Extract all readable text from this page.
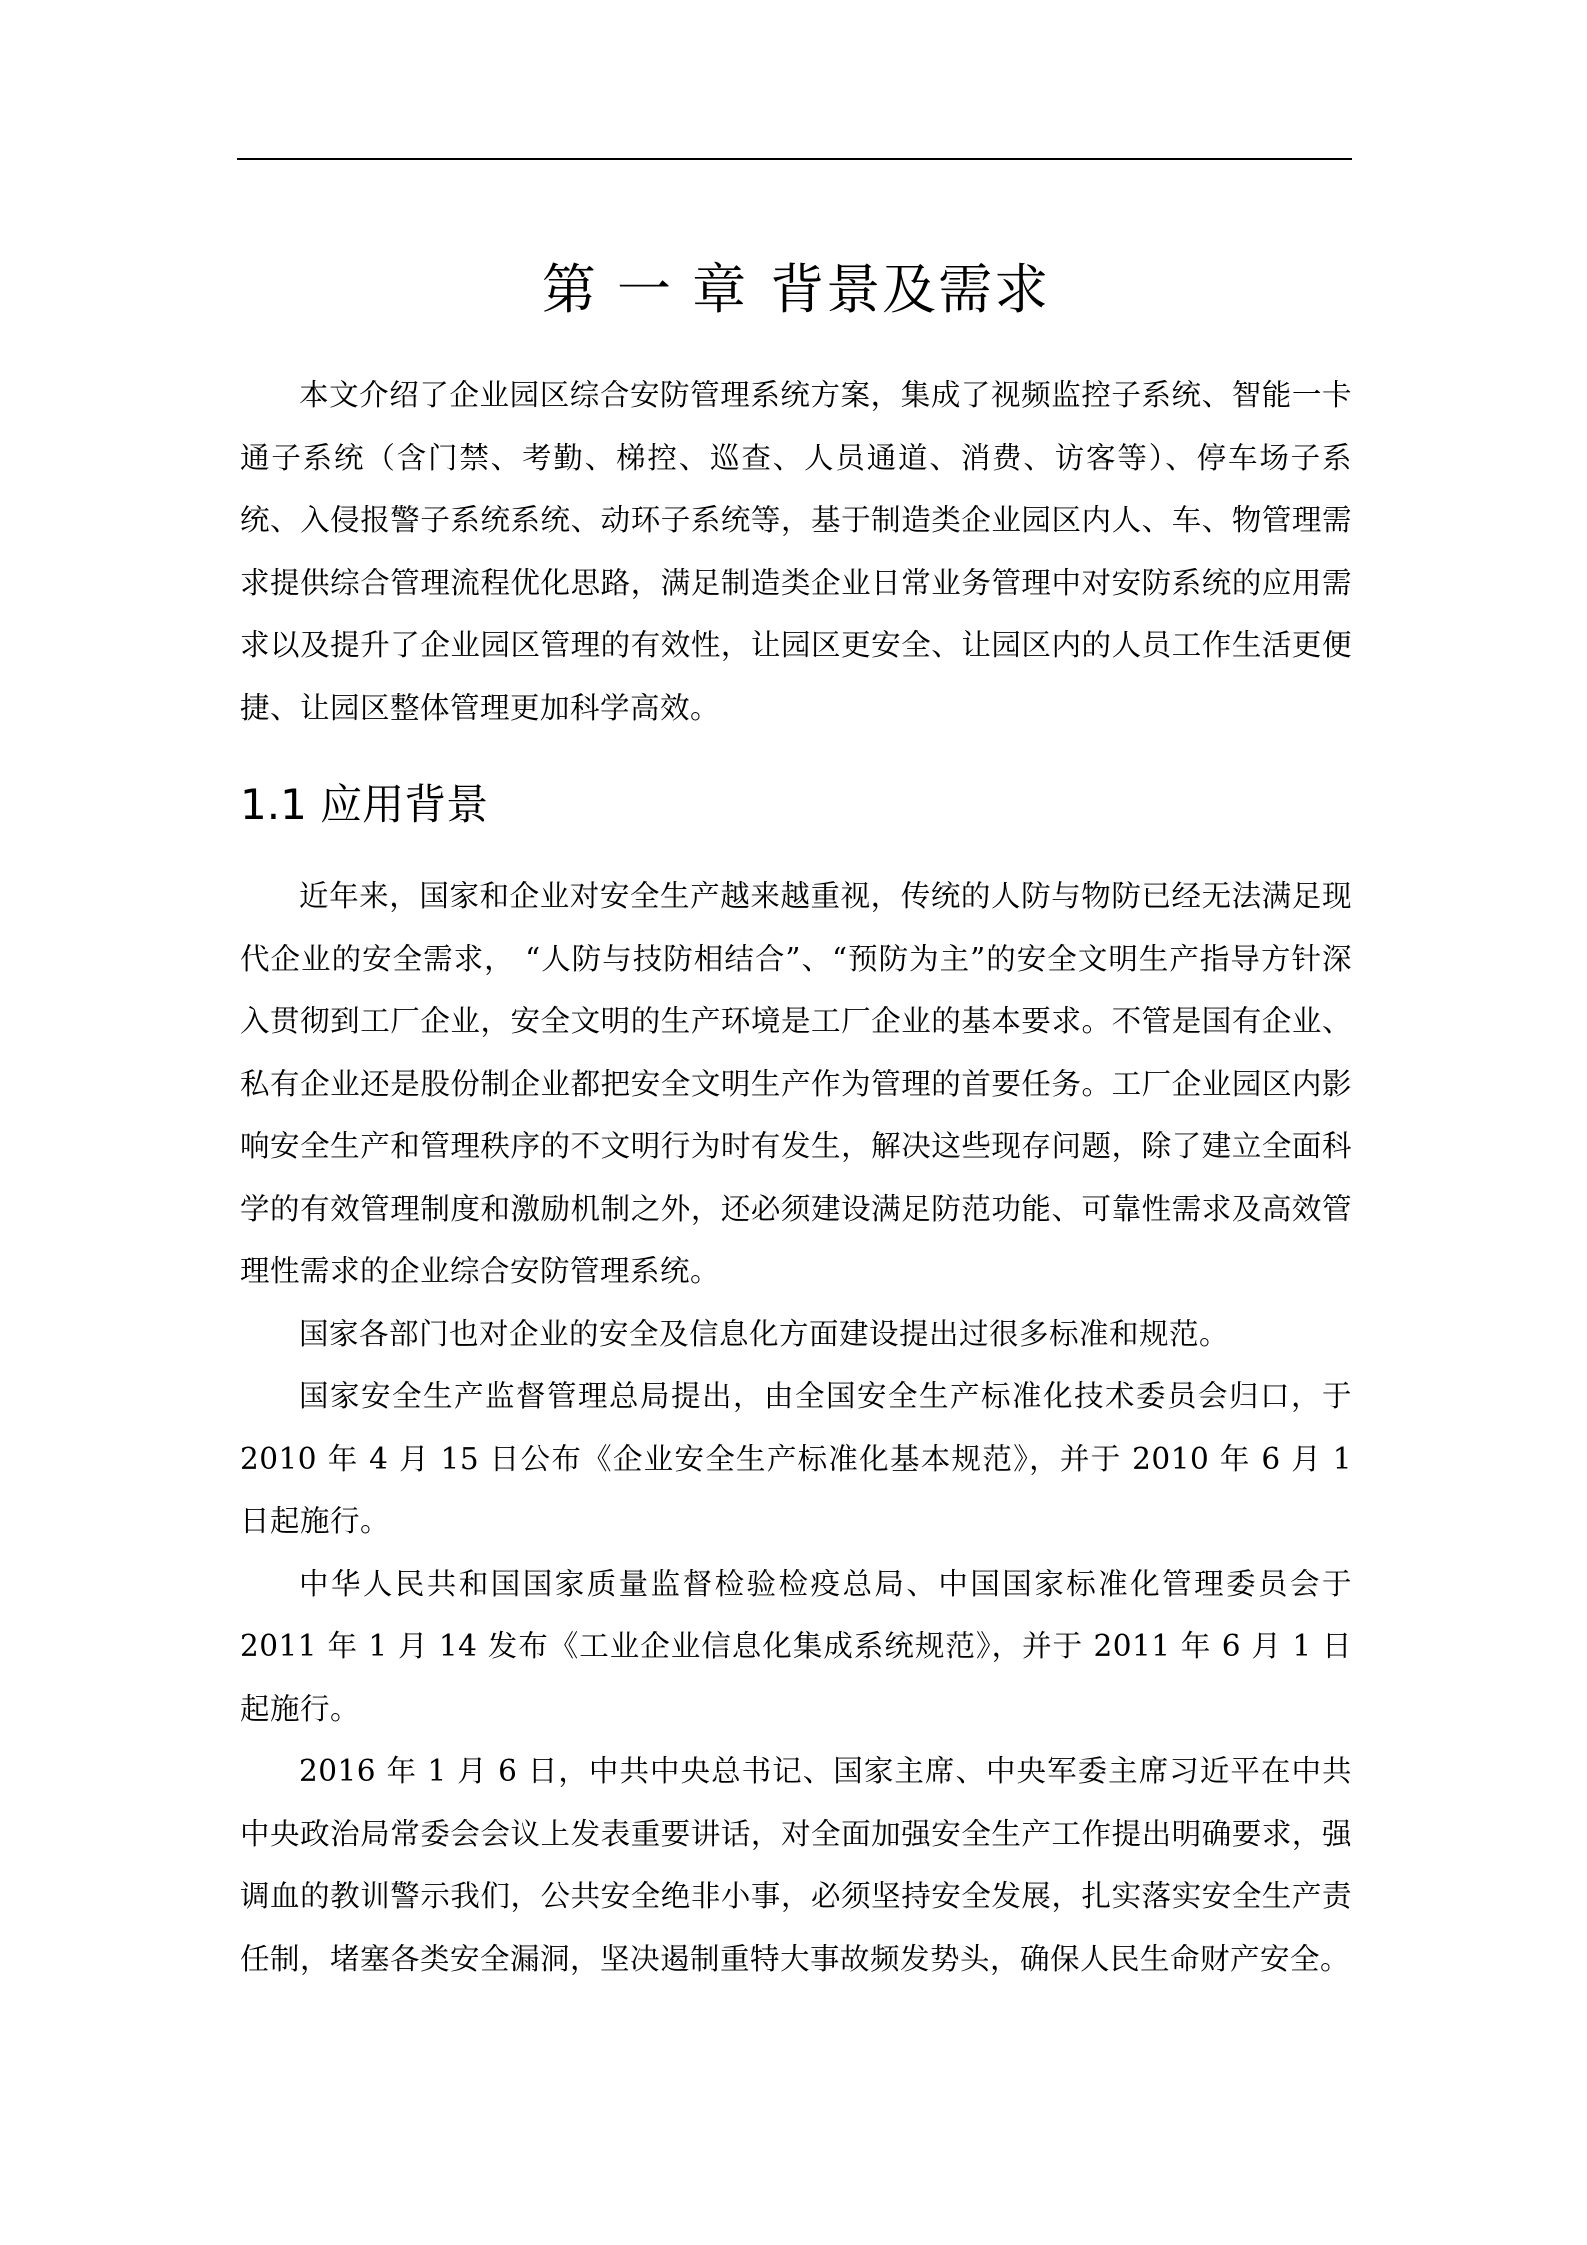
第 一 章 背景及需求

本文介绍了企业园区综合安防管理系统方案，集成了视频监控子系统、智能一卡通子系统（含门禁、考勤、梯控、巡查、人员通道、消费、访客等）、停车场子系统、入侵报警子系统系统、动环子系统等，基于制造类企业园区内人、车、物管理需求提供综合管理流程优化思路，满足制造类企业日常业务管理中对安防系统的应用需求以及提升了企业园区管理的有效性，让园区更安全、让园区内的人员工作生活更便捷、让园区整体管理更加科学高效。

1.1 应用背景

近年来，国家和企业对安全生产越来越重视，传统的人防与物防已经无法满足现代企业的安全需求， “人防与技防相结合”、“预防为主”的安全文明生产指导方针深入贯彻到工厂企业，安全文明的生产环境是工厂企业的基本要求。不管是国有企业、私有企业还是股份制企业都把安全文明生产作为管理的首要任务。工厂企业园区内影响安全生产和管理秩序的不文明行为时有发生，解决这些现存问题，除了建立全面科学的有效管理制度和激励机制之外，还必须建设满足防范功能、可靠性需求及高效管理性需求的企业综合安防管理系统。

国家各部门也对企业的安全及信息化方面建设提出过很多标准和规范。

国家安全生产监督管理总局提出，由全国安全生产标准化技术委员会归口，于 2010 年 4 月 15 日公布《企业安全生产标准化基本规范》，并于 2010 年 6 月 1 日起施行。

中华人民共和国国家质量监督检验检疫总局、中国国家标准化管理委员会于 2011 年 1 月 14 发布《工业企业信息化集成系统规范》，并于 2011 年 6 月 1 日起施行。

2016 年 1 月 6 日，中共中央总书记、国家主席、中央军委主席习近平在中共中央政治局常委会会议上发表重要讲话，对全面加强安全生产工作提出明确要求，强调血的教训警示我们，公共安全绝非小事，必须坚持安全发展，扎实落实安全生产责任制，堵塞各类安全漏洞，坚决遏制重特大事故频发势头，确保人民生命财产安全。
